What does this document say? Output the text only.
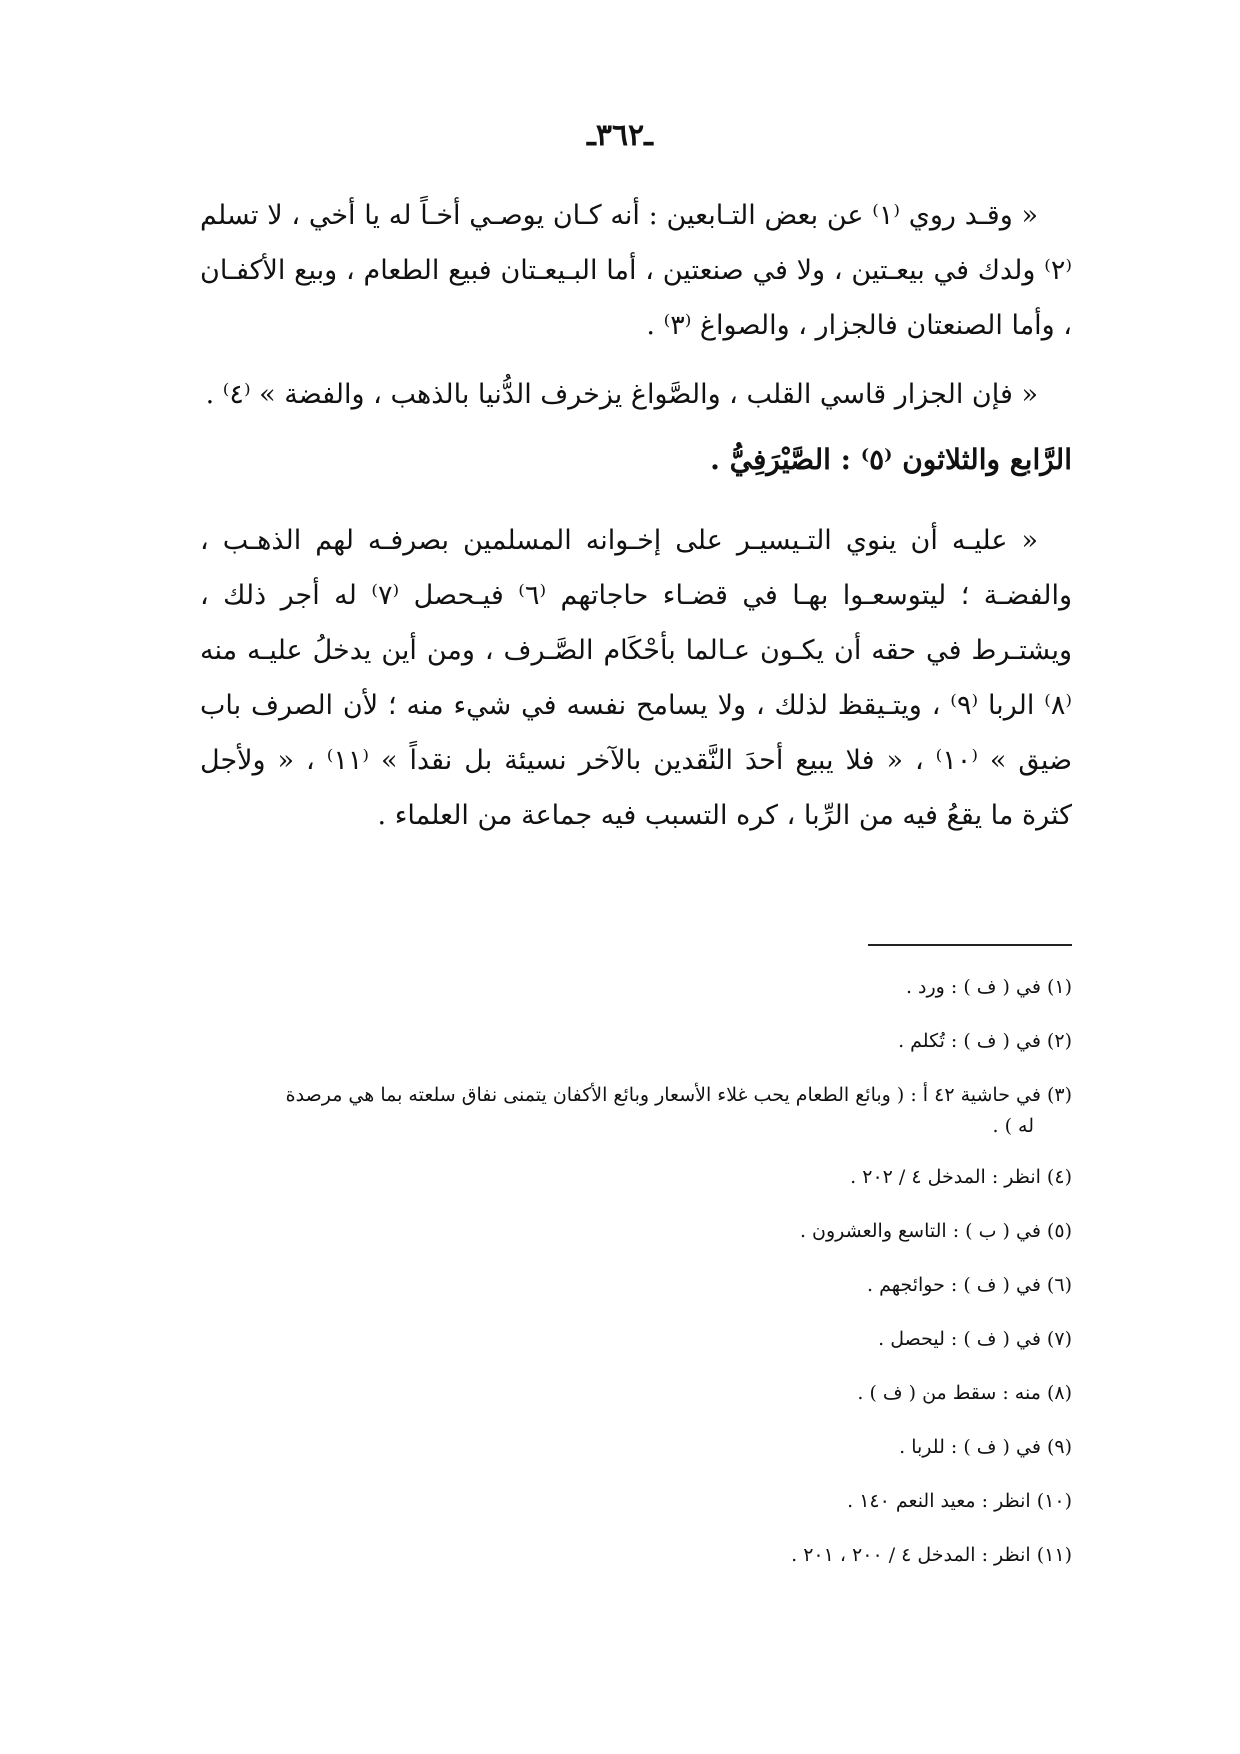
ـ٣٦٢ـ

« وقـد روي ⁽١⁾ عن بعض التـابعين : أنه كـان يوصـي أخـاً له يا أخي ، لا تسلم ⁽٢⁾ ولدك في بيعـتين ، ولا في صنعتين ، أما البـيعـتان فبيع الطعام ، وبيع الأكفـان ، وأما الصنعتان فالجزار ، والصواغ ⁽٣⁾ .

« فإن الجزار قاسي القلب ، والصَّواغ يزخرف الدُّنيا بالذهب ، والفضة » ⁽٤⁾ .

الرَّابع والثلاثون ⁽٥⁾ : الصَّيْرَفِيُّ .

« عليـه أن ينوي التـيسيـر على إخـوانه المسلمين بصرفـه لهم الذهـب ، والفضـة ؛ ليتوسعـوا بهـا في قضـاء حاجاتهم ⁽٦⁾ فيـحصل ⁽٧⁾ له أجر ذلك ، ويشتـرط في حقه أن يكـون عـالما بأحْكَام الصَّـرف ، ومن أين يدخلُ عليـه منه ⁽٨⁾ الربا ⁽٩⁾ ، ويتـيقظ لذلك ، ولا يسامح نفسه في شيء منه ؛ لأن الصرف باب ضيق » ⁽١٠⁾ ، « فلا يبيع أحدَ النَّقدين بالآخر نسيئة بل نقداً » ⁽١١⁾ ، « ولأجل كثرة ما يقعُ فيه من الرِّبا ، كره التسبب فيه جماعة من العلماء .

(١) في ( ف ) : ورد .

(٢) في ( ف ) : تُكلم .

(٣) في حاشية ٤٢ أ : ( وبائع الطعام يحب غلاء الأسعار وبائع الأكفان يتمنى نفاق سلعته بما هي مرصدة
له ) .

(٤) انظر : المدخل ٤ / ٢٠٢ .

(٥) في ( ب ) : التاسع والعشرون .

(٦) في ( ف ) : حوائجهم .

(٧) في ( ف ) : ليحصل .

(٨) منه : سقط من ( ف ) .

(٩) في ( ف ) : للربا .

(١٠) انظر : معيد النعم ١٤٠ .

(١١) انظر : المدخل ٤ / ٢٠٠ ، ٢٠١ .
